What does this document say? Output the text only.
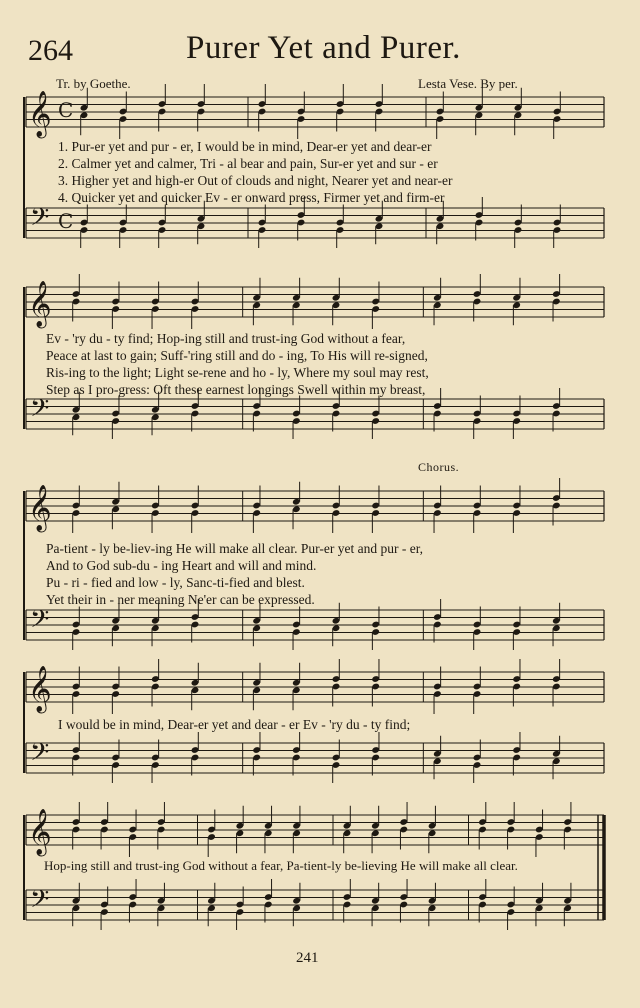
264	Purer Yet and Purer.
Tr. by Goethe.	Lesta Vese. By per.
Chorus.
1. Pur-er yet and pur - er, I would be in mind, Dear-er yet and dear-er
2. Calmer yet and calmer, Tri - al bear and pain, Sur-er yet and sur - er
3. Higher yet and high-er Out of clouds and night, Nearer yet and near-er
4. Quicker yet and quicker Ev - er onward press, Firmer yet and firm-er
Ev - 'ry du - ty find; Hop-ing still and trust-ing God without a fear,
Peace at last to gain; Suff-'ring still and do - ing, To His will re-signed,
Ris-ing to the light; Light se-rene and ho - ly, Where my soul may rest,
Step as I pro-gress: Oft these earnest longings Swell within my breast,
Pa-tient - ly be-liev-ing He will make all clear. Pur-er yet and pur - er,
And to God sub-du - ing Heart and will and mind.
Pu - ri - fied and low - ly, Sanc-ti-fied and blest.
Yet their in - ner meaning Ne'er can be expressed.
I would be in mind, Dear-er yet and dear - er Ev - 'ry du - ty find;
Hop-ing still and trust-ing God without a fear, Pa-tient-ly be-lieving He will make all clear.
241
𝄞
𝄢
C
C
𝄞
𝄢
𝄞
𝄢
𝄞
𝄢
𝄞
𝄢
